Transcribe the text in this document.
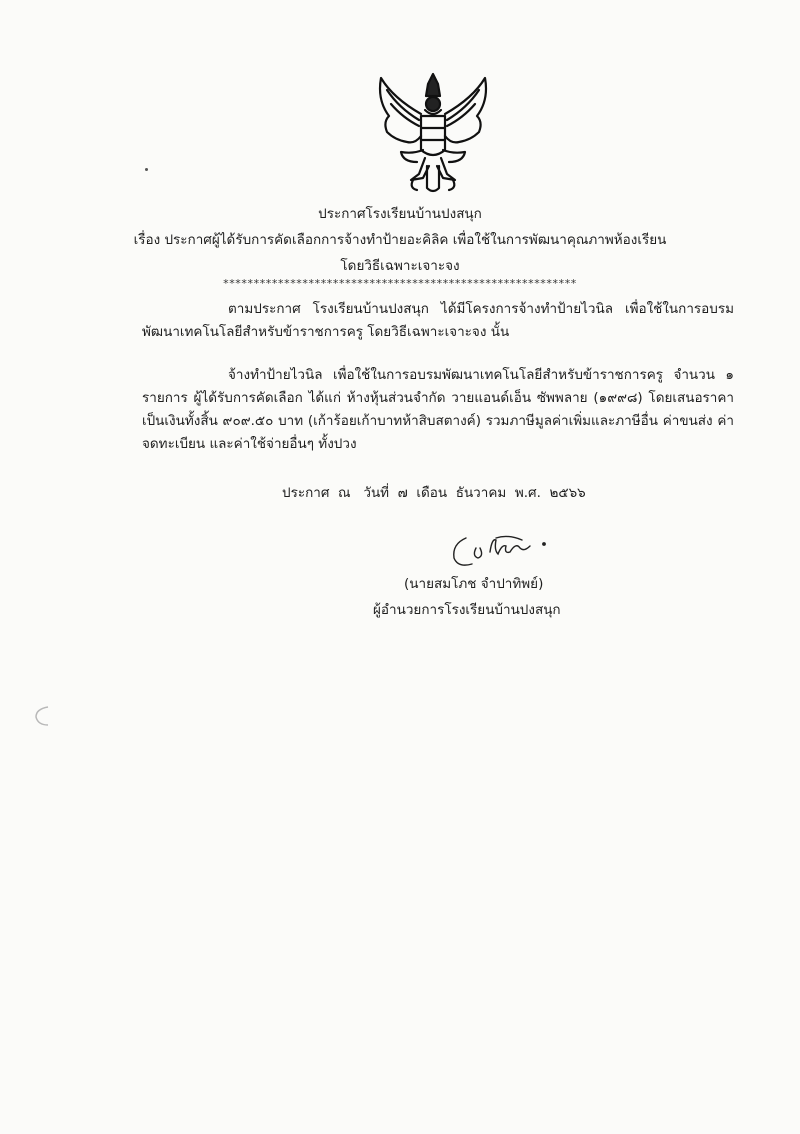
ประกาศโรงเรียนบ้านปงสนุก
เรื่อง ประกาศผู้ได้รับการคัดเลือกการจ้างทำป้ายอะคิลิค เพื่อใช้ในการพัฒนาคุณภาพห้องเรียน
โดยวิธีเฉพาะเจาะจง
**********************************************************

ตามประกาศ โรงเรียนบ้านปงสนุก ได้มีโครงการจ้างทำป้ายไวนิล เพื่อใช้ในการอบรมพัฒนาเทคโนโลยีสำหรับข้าราชการครู โดยวิธีเฉพาะเจาะจง นั้น

จ้างทำป้ายไวนิล เพื่อใช้ในการอบรมพัฒนาเทคโนโลยีสำหรับข้าราชการครู จำนวน ๑ รายการ ผู้ได้รับการคัดเลือก ได้แก่ ห้างหุ้นส่วนจำกัด วายแอนด์เอ็น ซัพพลาย (๑๙๙๘) โดยเสนอราคา เป็นเงินทั้งสิ้น ๙๐๙.๕๐ บาท (เก้าร้อยเก้าบาทห้าสิบสตางค์) รวมภาษีมูลค่าเพิ่มและภาษีอื่น ค่าขนส่ง ค่าจดทะเบียน และค่าใช้จ่ายอื่นๆ ทั้งปวง

ประกาศ  ณ   วันที่  ๗  เดือน  ธันวาคม  พ.ศ.  ๒๕๖๖
(นายสมโภช จำปาทิพย์)
ผู้อำนวยการโรงเรียนบ้านปงสนุก
